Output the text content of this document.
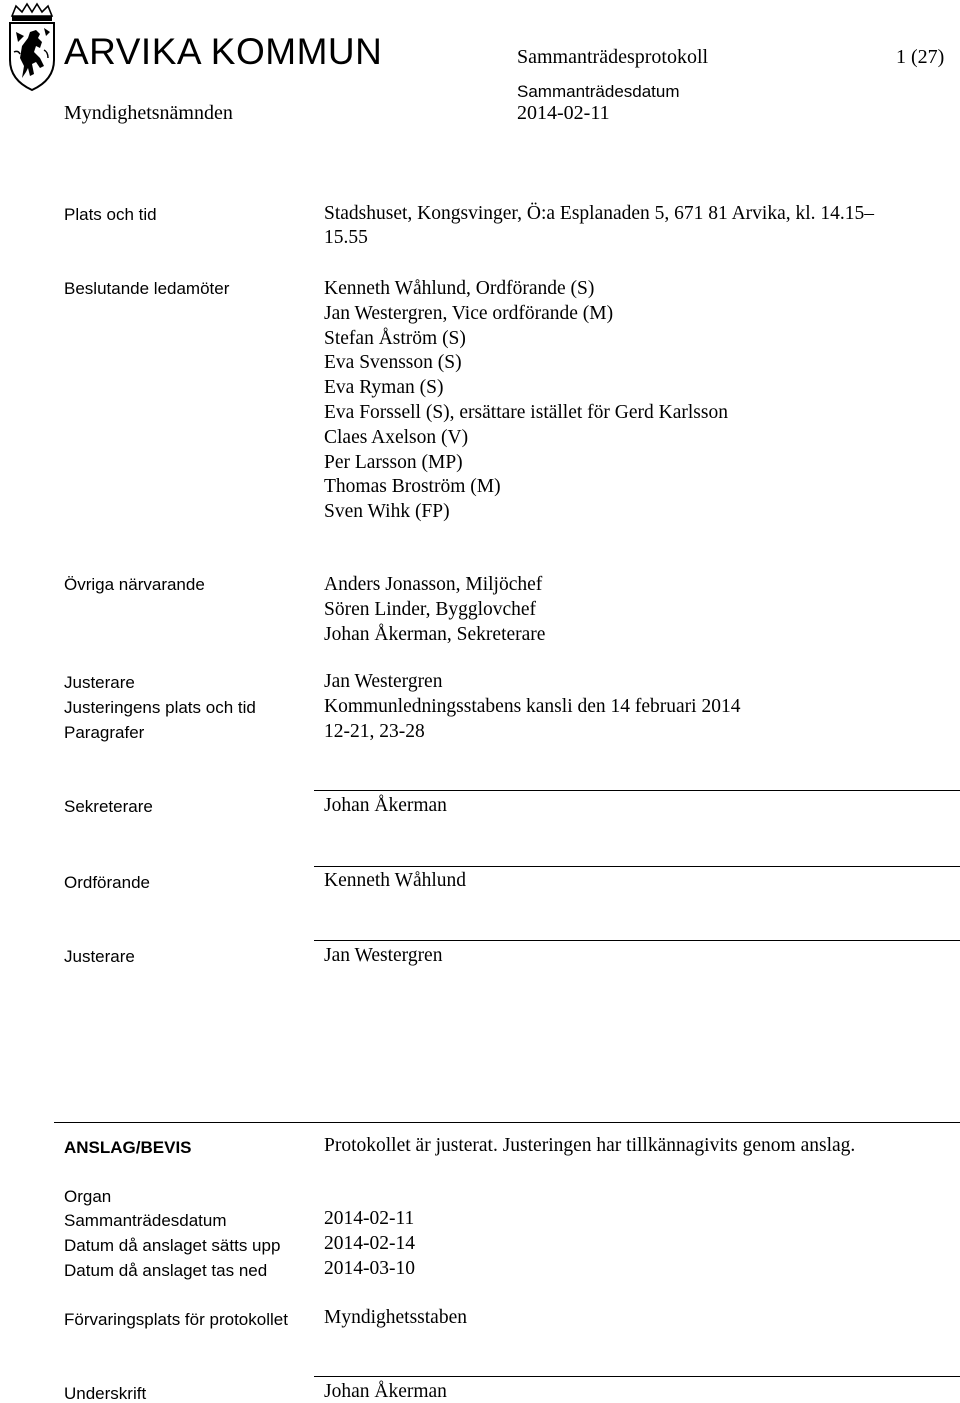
ARVIKA KOMMUN	Sammanträdesprotokoll	1 (27)
Myndighetsnämnden
Sammanträdesdatum
2014-02-11
Plats och tid	Stadshuset, Kongsvinger, Ö:a Esplanaden 5, 671 81 Arvika, kl. 14.15–
15.55
Beslutande ledamöter	Kenneth Wåhlund, Ordförande (S)
Jan Westergren, Vice ordförande (M)
Stefan Åström (S)
Eva Svensson (S)
Eva Ryman (S)
Eva Forssell (S), ersättare istället för Gerd Karlsson
Claes Axelson (V)
Per Larsson (MP)
Thomas Broström (M)
Sven Wihk (FP)
Övriga närvarande	Anders Jonasson, Miljöchef
Sören Linder, Bygglovchef
Johan Åkerman, Sekreterare
Justerare	Jan Westergren
Justeringens plats och tid	Kommunledningsstabens kansli den 14 februari 2014
Paragrafer	12-21, 23-28
Sekreterare	Johan Åkerman
Ordförande	Kenneth Wåhlund
Justerare	Jan Westergren
ANSLAG/BEVIS	Protokollet är justerat. Justeringen har tillkännagivits genom anslag.
Organ
Sammanträdesdatum	2014-02-11
Datum då anslaget sätts upp 2014-02-14
Datum då anslaget tas ned	2014-03-10
Förvaringsplats för protokollet Myndighetsstaben
Underskrift	Johan Åkerman
